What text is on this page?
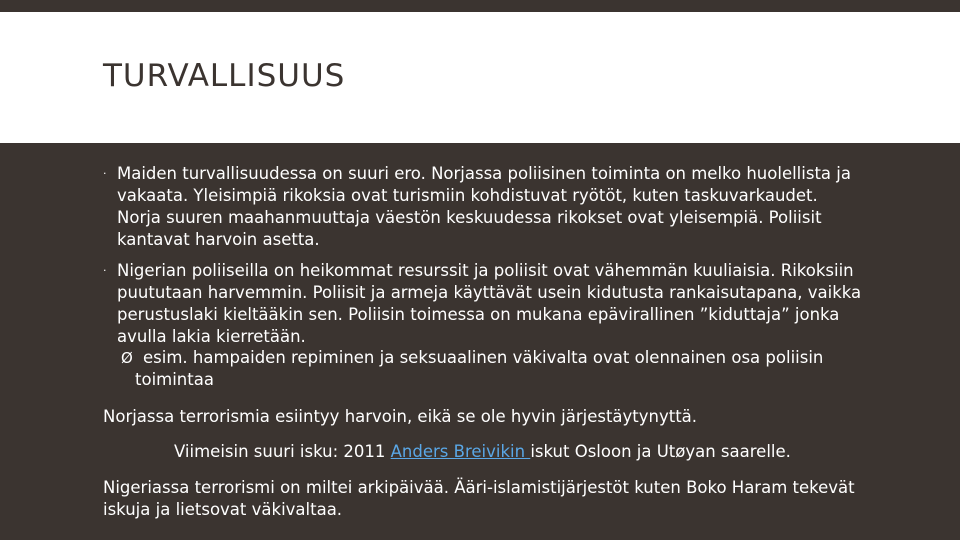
TURVALLISUUS
· Maiden turvallisuudessa on suuri ero. Norjassa poliisinen toiminta on melko huolellista ja vakaata. Yleisimpiä rikoksia ovat turismiin kohdistuvat ryötöt, kuten taskuvarkaudet. Norja suuren maahanmuuttaja väestön keskuudessa rikokset ovat yleisempiä. Poliisit kantavat harvoin asetta.
· Nigerian poliiseilla on heikommat resurssit ja poliisit ovat vähemmän kuuliaisia. Rikoksiin puututaan harvemmin. Poliisit ja armeja käyttävät usein kidutusta rankaisutapana, vaikka perustuslaki kieltääkin sen. Poliisin toimessa on mukana epävirallinen ”kiduttaja” jonka avulla lakia kierretään.
Ø esim. hampaiden repiminen ja seksuaalinen väkivalta ovat olennainen osa poliisin toimintaa

Norjassa terrorismia esiintyy harvoin, eikä se ole hyvin järjestäytynyttä.

Viimeisin suuri isku: 2011 Anders Breivikin iskut Osloon ja Utøyan saarelle.

Nigeriassa terrorismi on miltei arkipäivää. Ääri-islamistijärjestöt kuten Boko Haram tekevät iskuja ja lietsovat väkivaltaa.
